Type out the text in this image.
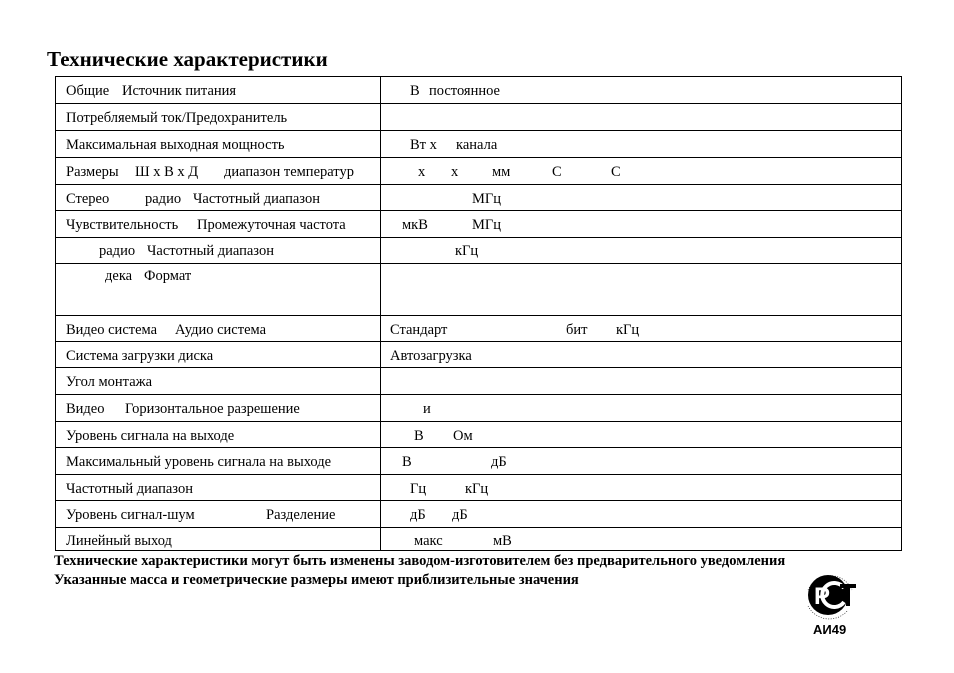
Технические характеристики
Общие Источник питания	В постоянное
Потребляемый ток/Предохранитель
Максимальная выходная мощность	Вт х канала
Размеры Ш х В х Д диапазон температур	х х мм	С	С
Стерео радио Частотный диапазон	МГц
Чувствительность Промежуточная частота	мкВ	МГц
радио Частотный диапазон	кГц
дека Формат
Видео система Аудио система	Стандарт	бит кГц
Система загрузки диска	Автозагрузка
Угол монтажа
Видео Горизонтальное разрешение	и
Уровень сигнала на выходе	В Ом
Максимальный уровень сигнала на выходе	В	дБ
Частотный диапазон	Гц	кГц
Уровень сигнал-шум	Разделение	дБ дБ
Линейный выход	макс	мВ
Технические характеристики могут быть изменены заводом-изготовителем без предварительного уведомления
Указанные масса и геометрические размеры имеют приблизительные значения
Р
АИ49
